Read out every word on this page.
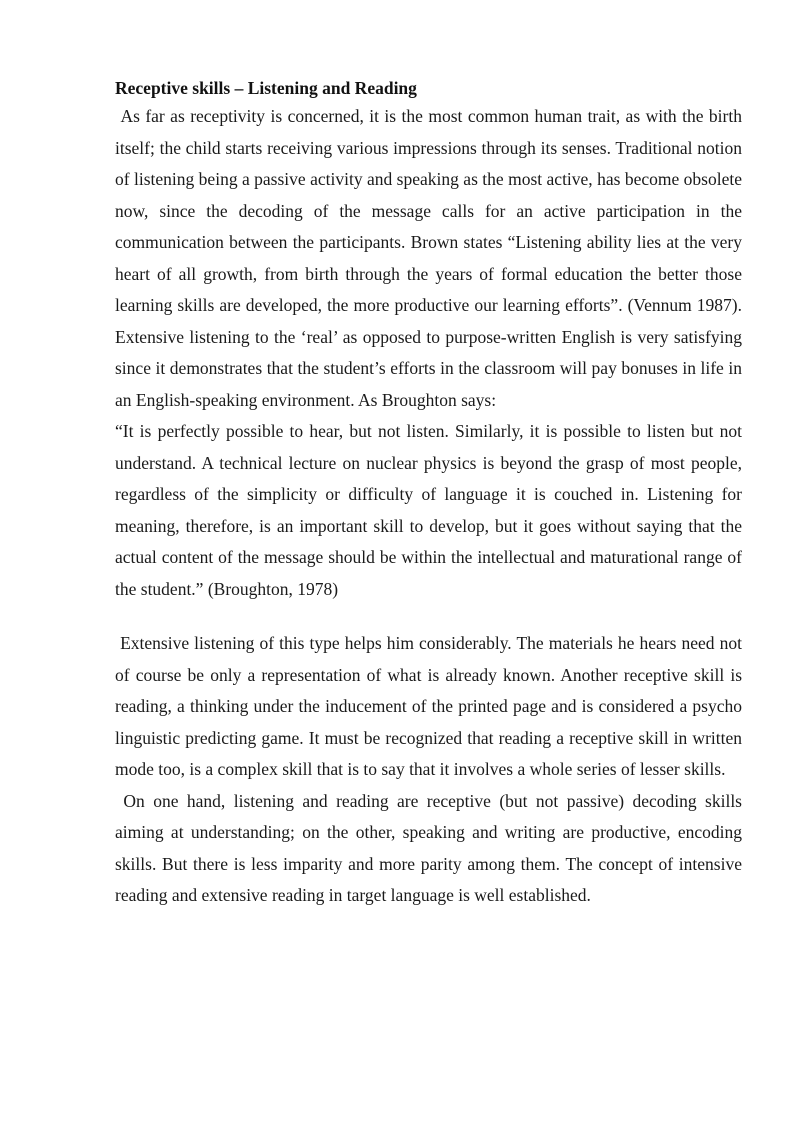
Receptive skills – Listening and Reading

As far as receptivity is concerned, it is the most common human trait, as with the birth itself; the child starts receiving various impressions through its senses. Traditional notion of listening being a passive activity and speaking as the most active, has become obsolete now, since the decoding of the message calls for an active participation in the communication between the participants. Brown states “Listening ability lies at the very heart of all growth, from birth through the years of formal education the better those learning skills are developed, the more productive our learning efforts”. (Vennum 1987).  Extensive listening to the ‘real’ as opposed to purpose-written English is very satisfying since it demonstrates that the student’s efforts in the classroom will pay bonuses in life in an English-speaking environment. As Broughton says:

“It is perfectly possible to hear, but not listen. Similarly, it is possible to listen but not understand. A technical lecture on nuclear physics is beyond the grasp of most people, regardless of the simplicity or difficulty of language it is couched in. Listening for meaning, therefore, is an important skill to develop, but it goes without saying that the actual content of the message should be within the intellectual and maturational range of the student.” (Broughton, 1978)

Extensive listening of this type helps him considerably. The materials he hears need not of course be only a representation of what is already known. Another receptive skill is reading, a thinking under the inducement of the printed page and is considered a psycho linguistic predicting game. It must be recognized that reading a receptive skill in written mode too, is a complex skill that is to say that it involves a whole series of lesser skills.

On one hand, listening and reading are receptive (but not passive) decoding skills aiming at understanding; on the other, speaking and writing are productive, encoding skills. But there is less imparity and more parity among them. The concept of intensive reading and extensive reading in target language is well established.
